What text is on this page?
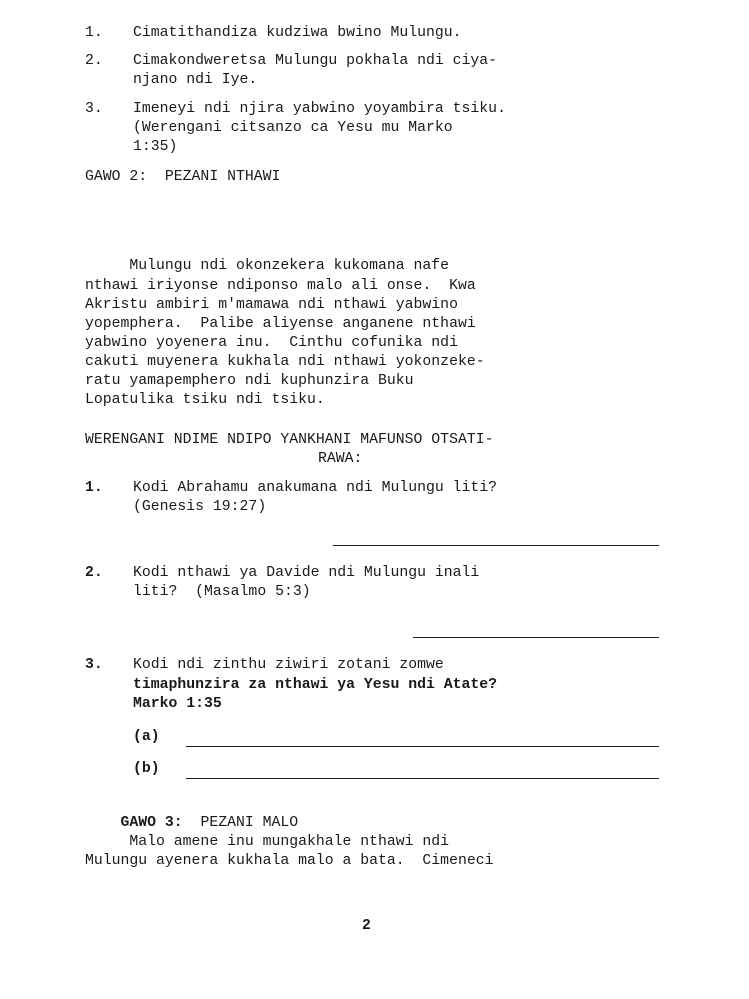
1. Cimatithandiza kudziwa bwino Mulungu.
2. Cimakondweretsa Mulungu pokhala ndi ciya-
njano ndi Iye.
3. Imeneyi ndi njira yabwino yoyambira tsiku.
(Werengani citsanzo ca Yesu mu Marko
1:35)
GAWO 2:  PEZANI NTHAWI
Mulungu ndi okonzekera kukomana nafe
nthawi iriyonse ndiponso malo ali onse.  Kwa
Akristu ambiri m'mamawa ndi nthawi yabwino
yopemphera.  Palibe aliyense anganene nthawi
yabwino yoyenera inu.  Cinthu cofunika ndi
cakuti muyenera kukhala ndi nthawi yokonzeke-
ratu yamapemphero ndi kuphunzira Buku
Lopatulika tsiku ndi tsiku.
WERENGANI NDIME NDIPO YANKHANI MAFUNSO OTSATI-
RAWA:
1. Kodi Abrahamu anakumana ndi Mulungu liti?
(Genesis 19:27)
2. Kodi nthawi ya Davide ndi Mulungu inali
liti?  (Masalmo 5:3)
3. Kodi ndi zinthu ziwiri zotani zomwe
timaphunzira za nthawi ya Yesu ndi Atate?
Marko 1:35
(a)
(b)

GAWO 3:  PEZANI MALO

Malo amene inu mungakhale nthawi ndi
Mulungu ayenera kukhala malo a bata.  Cimeneci
2
